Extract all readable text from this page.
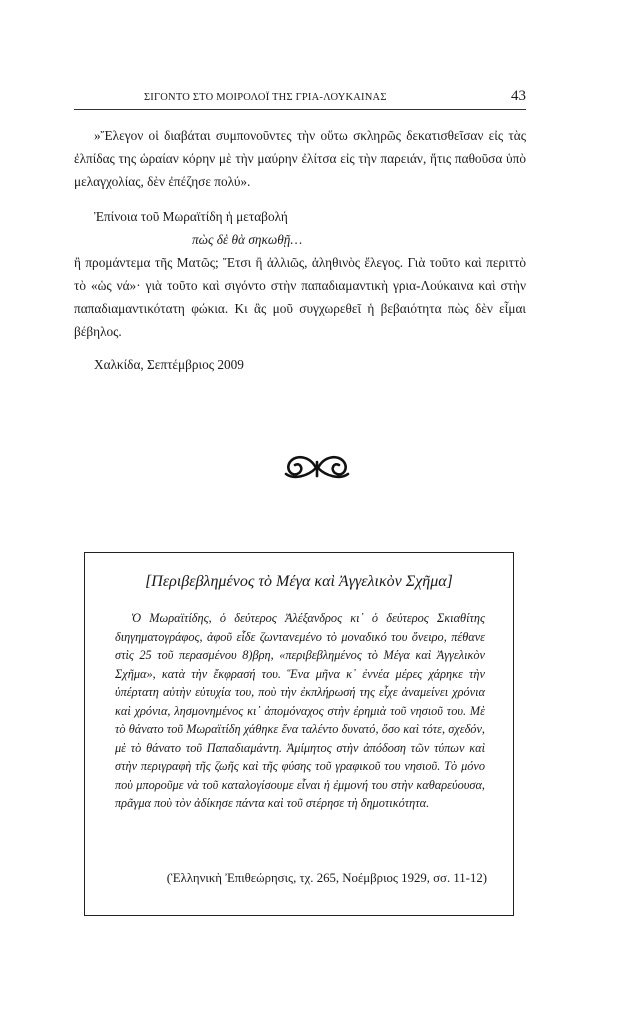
ΣΙΓΟΝΤΟ ΣΤΟ ΜΟΙΡΟΛΟΪ ΤΗΣ ΓΡΙΑ-ΛΟΥΚΑΙΝΑΣ	43

»Ἔλεγον οἱ διαβάται συμπονοῦντες τὴν οὕτω σκληρῶς δεκατισθεῖσαν εἰς τὰς ἐλπίδας της ὡραίαν κόρην μὲ τὴν μαύρην ἐλίτσα εἰς τὴν παρειάν, ἥτις παθοῦσα ὑπὸ μελαγχολίας, δὲν ἐπέζησε πολύ».

Ἐπίνοια τοῦ Μωραϊτίδη ἡ μεταβολή

πὼς δὲ θὰ σηκωθῇ…

ἢ προμάντεμα τῆς Ματῶς; Ἔτσι ἢ ἀλλιῶς, ἀληθινὸς ἔλεγος. Γιὰ τοῦτο καὶ περιττὸ τὸ «ὡς νά»· γιὰ τοῦτο καὶ σιγόντο στὴν παπαδιαμαντικὴ γρια-Λούκαινα καὶ στὴν παπαδιαμαντικότατη φώκια. Κι ἂς μοῦ συγχωρεθεῖ ἡ βεβαιότητα πὼς δὲν εἶμαι βέβηλος.

Χαλκίδα, Σεπτέμβριος 2009

[Περιβεβλημένος τὸ Μέγα καὶ Ἀγγελικὸν Σχῆμα]

Ὁ Μωραϊτίδης, ὁ δεύτερος Ἀλέξανδρος κι᾽ ὁ δεύτερος Σκιαθίτης διηγηματογράφος, ἀφοῦ εἶδε ζωντανεμένο τὸ μοναδικό του ὄνειρο, πέθανε στὶς 25 τοῦ περασμένου 8)βρη, «περιβεβλημένος τὸ Μέγα καὶ Ἀγγελικὸν Σχῆμα», κατὰ τὴν ἔκφρασή του. Ἕνα μῆνα κ᾽ ἐννέα μέρες χάρηκε τὴν ὑπέρτατη αὐτὴν εὐτυχία του, ποὺ τὴν ἐκπλήρωσή της εἶχε ἀναμείνει χρόνια καὶ χρόνια, λησμονημένος κι᾽ ἀπομόναχος στὴν ἐρημιὰ τοῦ νησιοῦ του. Μὲ τὸ θάνατο τοῦ Μωραϊτίδη χάθηκε ἕνα ταλέντο δυνατό, ὅσο καὶ τότε, σχεδόν, μὲ τὸ θάνατο τοῦ Παπαδιαμάντη. Ἀμίμητος στὴν ἀπόδοση τῶν τύπων καὶ στὴν περιγραφὴ τῆς ζωῆς καὶ τῆς φύσης τοῦ γραφικοῦ του νησιοῦ. Τὸ μόνο ποὺ μποροῦμε νὰ τοῦ καταλογίσουμε εἶναι ἡ ἐμμονή του στὴν καθαρεύουσα, πρᾶγμα ποὺ τὸν ἀδίκησε πάντα καὶ τοῦ στέρησε τὴ δημοτικότητα.

(Ἑλληνικὴ Ἐπιθεώρησις, τχ. 265, Νοέμβριος 1929, σσ. 11-12)
